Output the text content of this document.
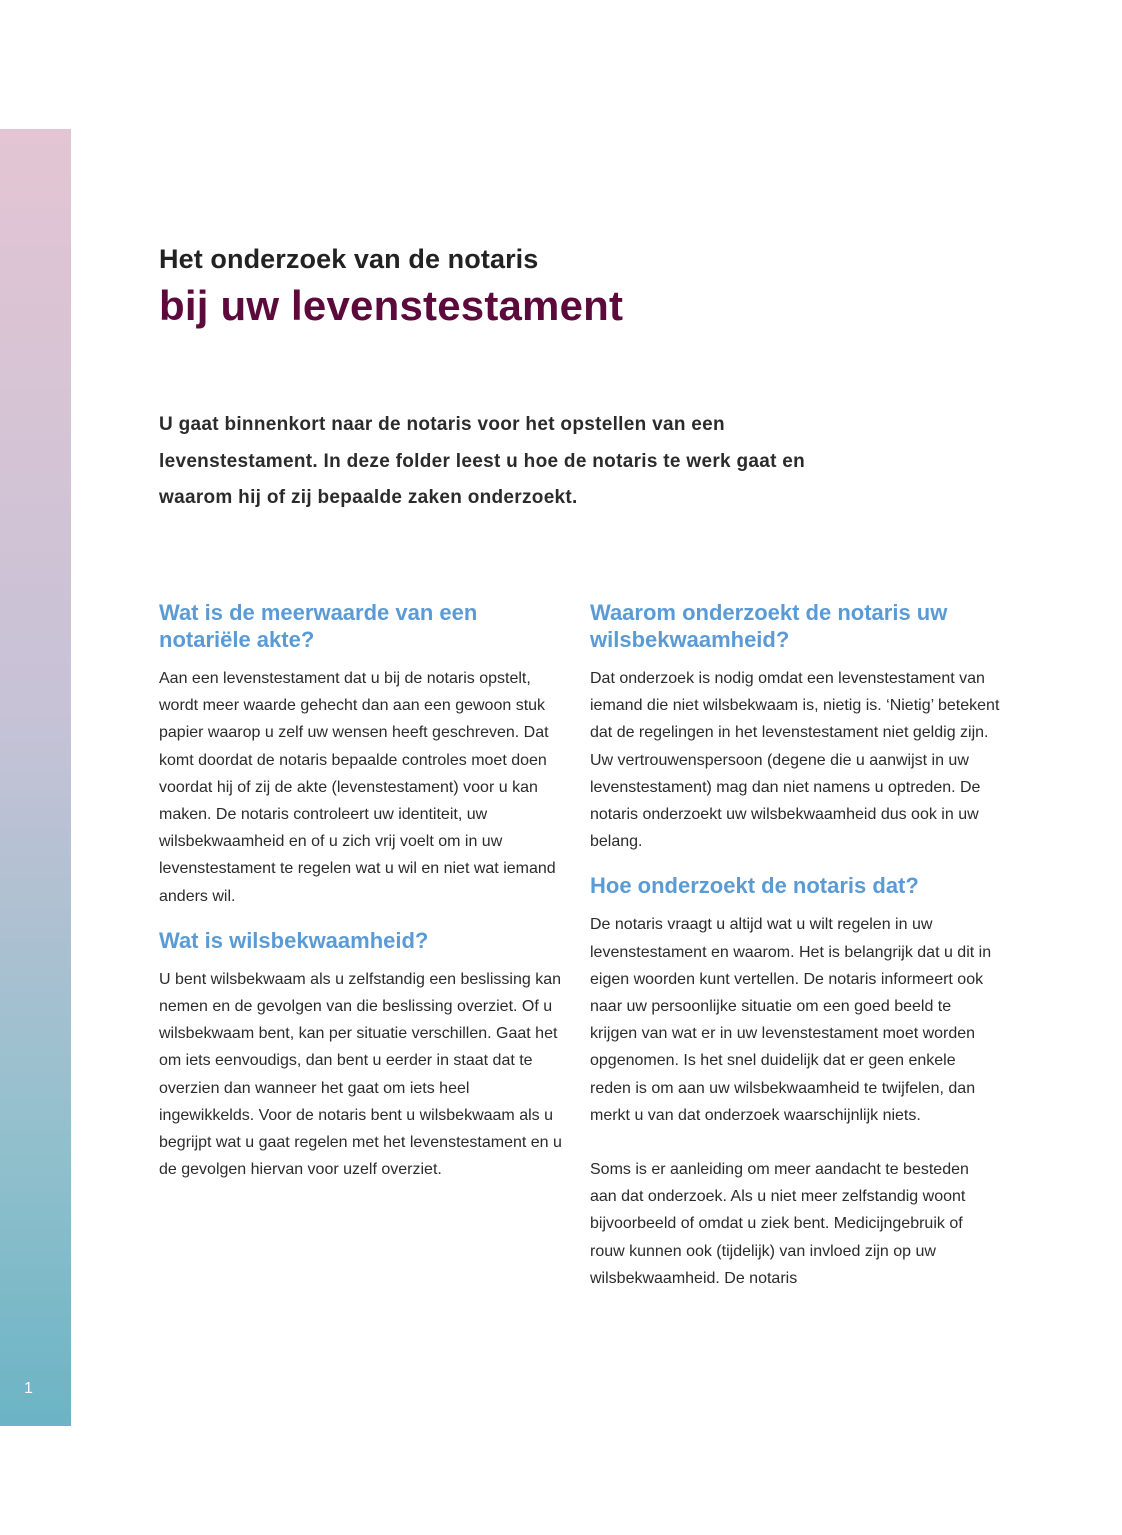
1
Het onderzoek van de notaris
bij uw levenstestament

U gaat binnenkort naar de notaris voor het opstellen van een levenstestament. In deze folder leest u hoe de notaris te werk gaat en waarom hij of zij bepaalde zaken onderzoekt.

Wat is de meerwaarde van een notariële akte?

Aan een levenstestament dat u bij de notaris opstelt, wordt meer waarde gehecht dan aan een gewoon stuk papier waarop u zelf uw wensen heeft geschreven. Dat komt doordat de notaris bepaalde controles moet doen voordat hij of zij de akte (levenstestament) voor u kan maken. De notaris controleert uw identiteit, uw wilsbekwaamheid en of u zich vrij voelt om in uw levenstestament te regelen wat u wil en niet wat iemand anders wil.

Wat is wilsbekwaamheid?

U bent wilsbekwaam als u zelfstandig een beslissing kan nemen en de gevolgen van die beslissing overziet. Of u wilsbekwaam bent, kan per situatie verschillen. Gaat het om iets eenvoudigs, dan bent u eerder in staat dat te overzien dan wanneer het gaat om iets heel ingewikkelds. Voor de notaris bent u wilsbekwaam als u begrijpt wat u gaat regelen met het levenstestament en u de gevolgen hiervan voor uzelf overziet.

Waarom onderzoekt de notaris uw wilsbekwaamheid?

Dat onderzoek is nodig omdat een levenstestament van iemand die niet wilsbekwaam is, nietig is. ‘Nietig’ betekent dat de regelingen in het levenstestament niet geldig zijn. Uw vertrouwenspersoon (degene die u aanwijst in uw levenstestament) mag dan niet namens u optreden. De notaris onderzoekt uw wilsbekwaamheid dus ook in uw belang.

Hoe onderzoekt de notaris dat?

De notaris vraagt u altijd wat u wilt regelen in uw levenstestament en waarom. Het is belangrijk dat u dit in eigen woorden kunt vertellen. De notaris informeert ook naar uw persoonlijke situatie om een goed beeld te krijgen van wat er in uw levenstestament moet worden opgenomen. Is het snel duidelijk dat er geen enkele reden is om aan uw wilsbekwaamheid te twijfelen, dan merkt u van dat onderzoek waarschijnlijk niets.

Soms is er aanleiding om meer aandacht te besteden aan dat onderzoek. Als u niet meer zelfstandig woont bijvoorbeeld of omdat u ziek bent. Medicijngebruik of rouw kunnen ook (tijdelijk) van invloed zijn op uw wilsbekwaamheid. De notaris
